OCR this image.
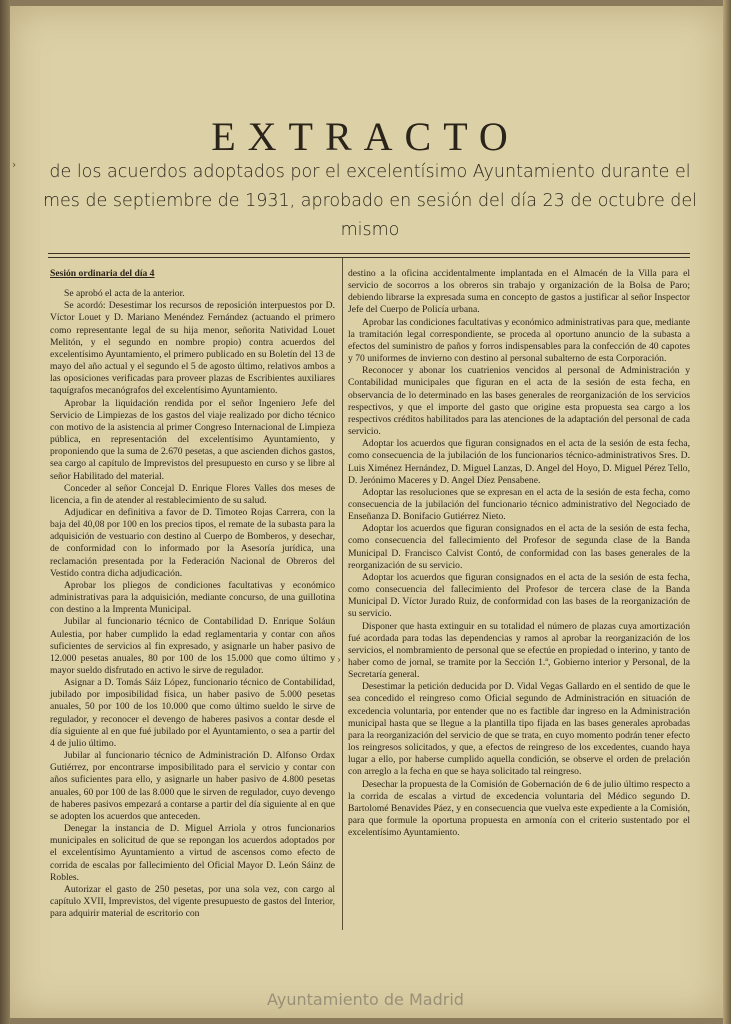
EXTRACTO
de los acuerdos adoptados por el excelentísimo Ayuntamiento durante el mes de septiembre de 1931, aprobado en sesión del día 23 de octubre del mismo

Sesión ordinaria del día 4

Se aprobó el acta de la anterior.

Se acordó: Desestimar los recursos de reposición interpuestos por D. Víctor Louet y D. Mariano Menéndez Fernández (actuando el primero como representante legal de su hija menor, señorita Natividad Louet Melitón, y el segundo en nombre propio) contra acuerdos del excelentísimo Ayuntamiento, el primero publicado en su Boletín del 13 de mayo del año actual y el segundo el 5 de agosto último, relativos ambos a las oposiciones verificadas para proveer plazas de Escribientes auxiliares taquígrafos mecanógrafos del excelentísimo Ayuntamiento.

Aprobar la liquidación rendida por el señor Ingeniero Jefe del Servicio de Limpiezas de los gastos del viaje realizado por dicho técnico con motivo de la asistencia al primer Congreso Internacional de Limpieza pública, en representación del excelentísimo Ayuntamiento, y proponiendo que la suma de 2.670 pesetas, a que ascienden dichos gastos, sea cargo al capítulo de Imprevistos del presupuesto en curso y se libre al señor Habilitado del material.

Conceder al señor Concejal D. Enrique Flores Valles dos meses de licencia, a fin de atender al restablecimiento de su salud.

Adjudicar en definitiva a favor de D. Timoteo Rojas Carrera, con la baja del 40,08 por 100 en los precios tipos, el remate de la subasta para la adquisición de vestuario con destino al Cuerpo de Bomberos, y desechar, de conformidad con lo informado por la Asesoría jurídica, una reclamación presentada por la Federación Nacional de Obreros del Vestido contra dicha adjudicación.

Aprobar los pliegos de condiciones facultativas y económico administrativas para la adquisición, mediante concurso, de una guillotina con destino a la Imprenta Municipal.

Jubilar al funcionario técnico de Contabilidad D. Enrique Soláun Aulestia, por haber cumplido la edad reglamentaria y contar con años suficientes de servicios al fin expresado, y asignarle un haber pasivo de 12.000 pesetas anuales, 80 por 100 de los 15.000 que como último y mayor sueldo disfrutado en activo le sirve de regulador.

Asignar a D. Tomás Sáiz López, funcionario técnico de Contabilidad, jubilado por imposibilidad física, un haber pasivo de 5.000 pesetas anuales, 50 por 100 de los 10.000 que como último sueldo le sirve de regulador, y reconocer el devengo de haberes pasivos a contar desde el día siguiente al en que fué jubilado por el Ayuntamiento, o sea a partir del 4 de julio último.

Jubilar al funcionario técnico de Administración D. Alfonso Ordax Gutiérrez, por encontrarse imposibilitado para el servicio y contar con años suficientes para ello, y asignarle un haber pasivo de 4.800 pesetas anuales, 60 por 100 de las 8.000 que le sirven de regulador, cuyo devengo de haberes pasivos empezará a contarse a partir del día siguiente al en que se adopten los acuerdos que anteceden.

Denegar la instancia de D. Miguel Arriola y otros funcionarios municipales en solicitud de que se repongan los acuerdos adoptados por el excelentísimo Ayuntamiento a virtud de ascensos como efecto de corrida de escalas por fallecimiento del Oficial Mayor D. León Sáinz de Robles.

Autorizar el gasto de 250 pesetas, por una sola vez, con cargo al capítulo XVII, Imprevistos, del vigente presupuesto de gastos del Interior, para adquirir material de escritorio con

destino a la oficina accidentalmente implantada en el Almacén de la Villa para el servicio de socorros a los obreros sin trabajo y organización de la Bolsa de Paro; debiendo librarse la expresada suma en concepto de gastos a justificar al señor Inspector Jefe del Cuerpo de Policía urbana.

Aprobar las condiciones facultativas y económico administrativas para que, mediante la tramitación legal correspondiente, se proceda al oportuno anuncio de la subasta a efectos del suministro de paños y forros indispensables para la confección de 40 capotes y 70 uniformes de invierno con destino al personal subalterno de esta Corporación.

Reconocer y abonar los cuatrienios vencidos al personal de Administración y Contabilidad municipales que figuran en el acta de la sesión de esta fecha, en observancia de lo determinado en las bases generales de reorganización de los servicios respectivos, y que el importe del gasto que origine esta propuesta sea cargo a los respectivos créditos habilitados para las atenciones de la adaptación del personal de cada servicio.

Adoptar los acuerdos que figuran consignados en el acta de la sesión de esta fecha, como consecuencia de la jubilación de los funcionarios técnico-administrativos Sres. D. Luis Ximénez Hernández, D. Miguel Lanzas, D. Angel del Hoyo, D. Miguel Pérez Tello, D. Jerónimo Maceres y D. Angel Díez Pensabene.

Adoptar las resoluciones que se expresan en el acta de la sesión de esta fecha, como consecuencia de la jubilación del funcionario técnico administrativo del Negociado de Enseñanza D. Bonifacio Gutiérrez Nieto.

Adoptar los acuerdos que figuran consignados en el acta de la sesión de esta fecha, como consecuencia del fallecimiento del Profesor de segunda clase de la Banda Municipal D. Francisco Calvist Contó, de conformidad con las bases generales de la reorganización de su servicio.

Adoptar los acuerdos que figuran consignados en el acta de la sesión de esta fecha, como consecuencia del fallecimiento del Profesor de tercera clase de la Banda Municipal D. Víctor Jurado Ruiz, de conformidad con las bases de la reorganización de su servicio.

Disponer que hasta extinguir en su totalidad el número de plazas cuya amortización fué acordada para todas las dependencias y ramos al aprobar la reorganización de los servicios, el nombramiento de personal que se efectúe en propiedad o interino, y tanto de haber como de jornal, se tramite por la Sección 1.ª, Gobierno interior y Personal, de la Secretaría general.

Desestimar la petición deducida por D. Vidal Vegas Gallardo en el sentido de que le sea concedido el reingreso como Oficial segundo de Administración en situación de excedencia voluntaria, por entender que no es factible dar ingreso en la Administración municipal hasta que se llegue a la plantilla tipo fijada en las bases generales aprobadas para la reorganización del servicio de que se trata, en cuyo momento podrán tener efecto los reingresos solicitados, y que, a efectos de reingreso de los excedentes, cuando haya lugar a ello, por haberse cumplido aquella condición, se observe el orden de prelación con arreglo a la fecha en que se haya solicitado tal reingreso.

Desechar la propuesta de la Comisión de Gobernación de 6 de julio último respecto a la corrida de escalas a virtud de excedencia voluntaria del Médico segundo D. Bartolomé Benavides Páez, y en consecuencia que vuelva este expediente a la Comisión, para que formule la oportuna propuesta en armonía con el criterio sustentado por el excelentísimo Ayuntamiento.

›
›
Ayuntamiento de Madrid
